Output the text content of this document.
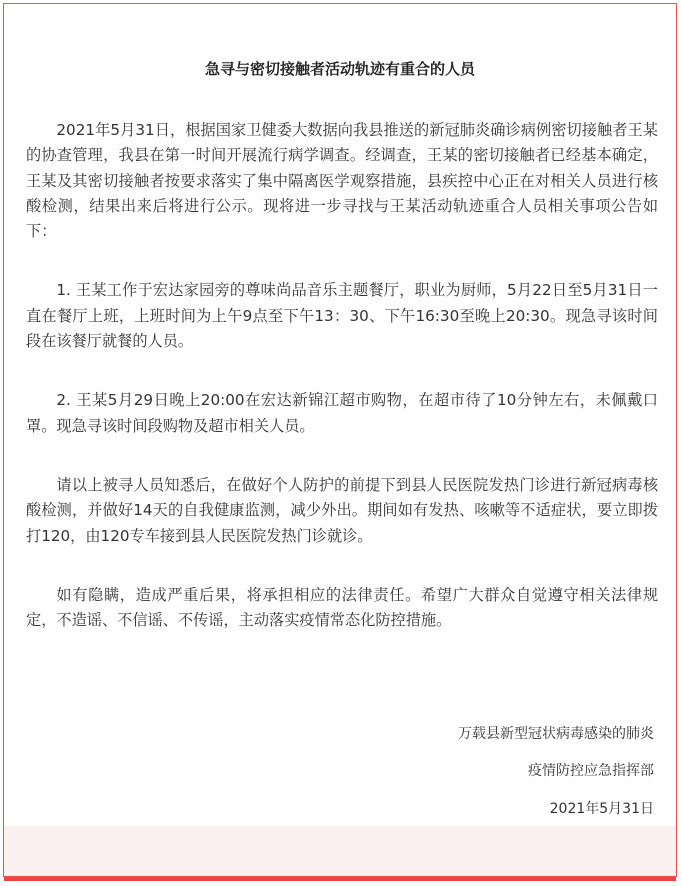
急寻与密切接触者活动轨迹有重合的人员

2021年5月31日，根据国家卫健委大数据向我县推送的新冠肺炎确诊病例密切接触者王某的协查管理，我县在第一时间开展流行病学调查。经调查，王某的密切接触者已经基本确定，王某及其密切接触者按要求落实了集中隔离医学观察措施，县疾控中心正在对相关人员进行核酸检测，结果出来后将进行公示。现将进一步寻找与王某活动轨迹重合人员相关事项公告如下：

1. 王某工作于宏达家园旁的尊味尚品音乐主题餐厅，职业为厨师，5月22日至5月31日一直在餐厅上班，上班时间为上午9点至下午13：30、下午16:30至晚上20:30。现急寻该时间段在该餐厅就餐的人员。

2. 王某5月29日晚上20:00在宏达新锦江超市购物，在超市待了10分钟左右，未佩戴口罩。现急寻该时间段购物及超市相关人员。

请以上被寻人员知悉后，在做好个人防护的前提下到县人民医院发热门诊进行新冠病毒核酸检测，并做好14天的自我健康监测，减少外出。期间如有发热、咳嗽等不适症状，要立即拨打120，由120专车接到县人民医院发热门诊就诊。

如有隐瞒，造成严重后果，将承担相应的法律责任。希望广大群众自觉遵守相关法律规定，不造谣、不信谣、不传谣，主动落实疫情常态化防控措施。

万载县新型冠状病毒感染的肺炎
疫情防控应急指挥部
2021年5月31日
